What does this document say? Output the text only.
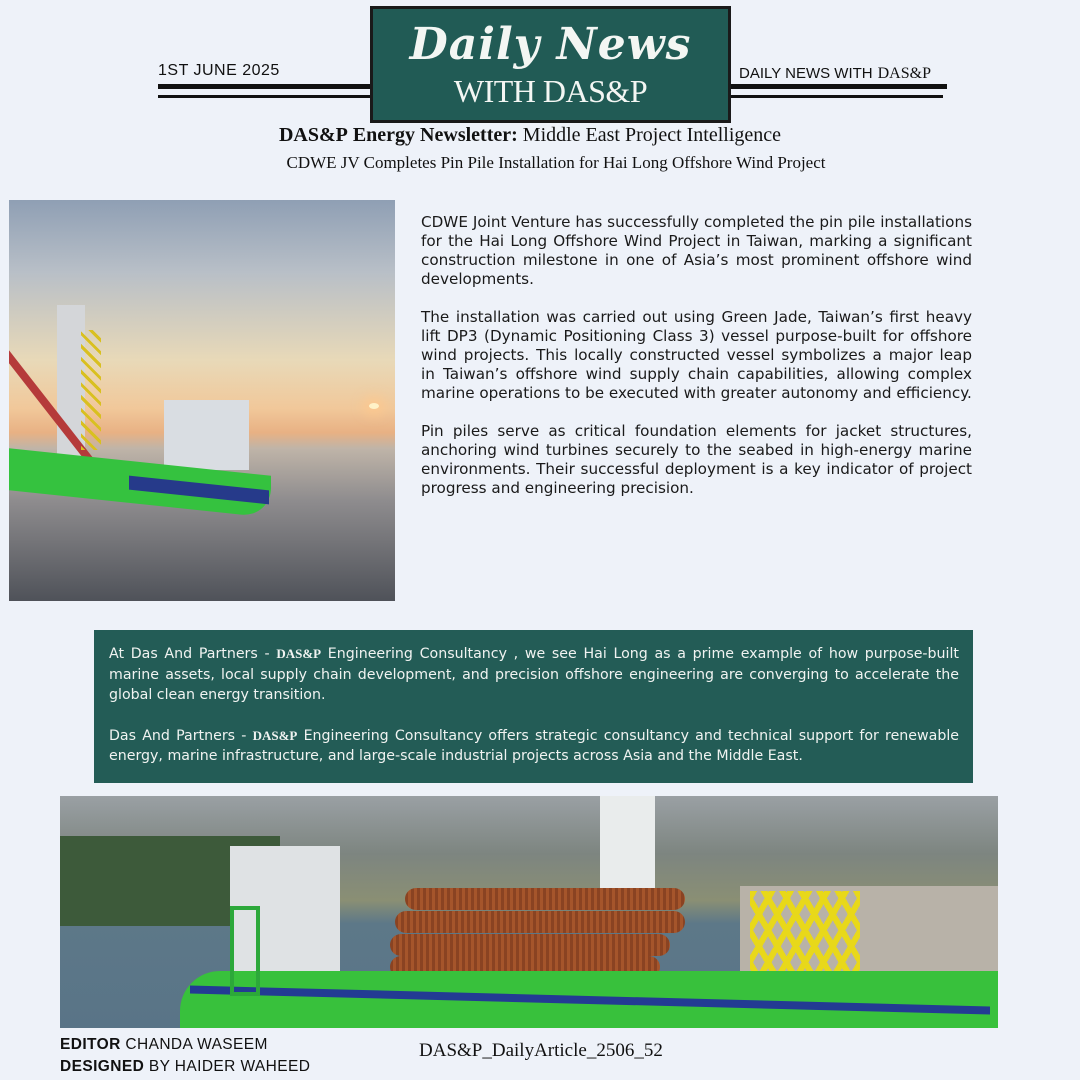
1ST JUNE 2025
Daily News
WITH DAS&P	DAILY NEWS WITH DAS&P
DAS&P Energy Newsletter: Middle East Project Intelligence
CDWE JV Completes Pin Pile Installation for Hai Long Offshore Wind Project

CDWE Joint Venture has successfully completed the pin pile installations for the Hai Long Offshore Wind Project in Taiwan, marking a significant construction milestone in one of Asia’s most prominent offshore wind developments.

The installation was carried out using Green Jade, Taiwan’s first heavy lift DP3 (Dynamic Positioning Class 3) vessel purpose-built for offshore wind projects. This locally constructed vessel symbolizes a major leap in Taiwan’s offshore wind supply chain capabilities, allowing complex marine operations to be executed with greater autonomy and efficiency.

Pin piles serve as critical foundation elements for jacket structures, anchoring wind turbines securely to the seabed in high-energy marine environments. Their successful deployment is a key indicator of project progress and engineering precision.

At Das And Partners - DAS&P Engineering Consultancy , we see Hai Long as a prime example of how purpose-built marine assets, local supply chain development, and precision offshore engineering are converging to accelerate the global clean energy transition.

Das And Partners - DAS&P Engineering Consultancy offers strategic consultancy and technical support for renewable energy, marine infrastructure, and large-scale industrial projects across Asia and the Middle East.

EDITOR CHANDA WASEEM
DESIGNED BY HAIDER WAHEED
DAS&P_DailyArticle_2506_52
